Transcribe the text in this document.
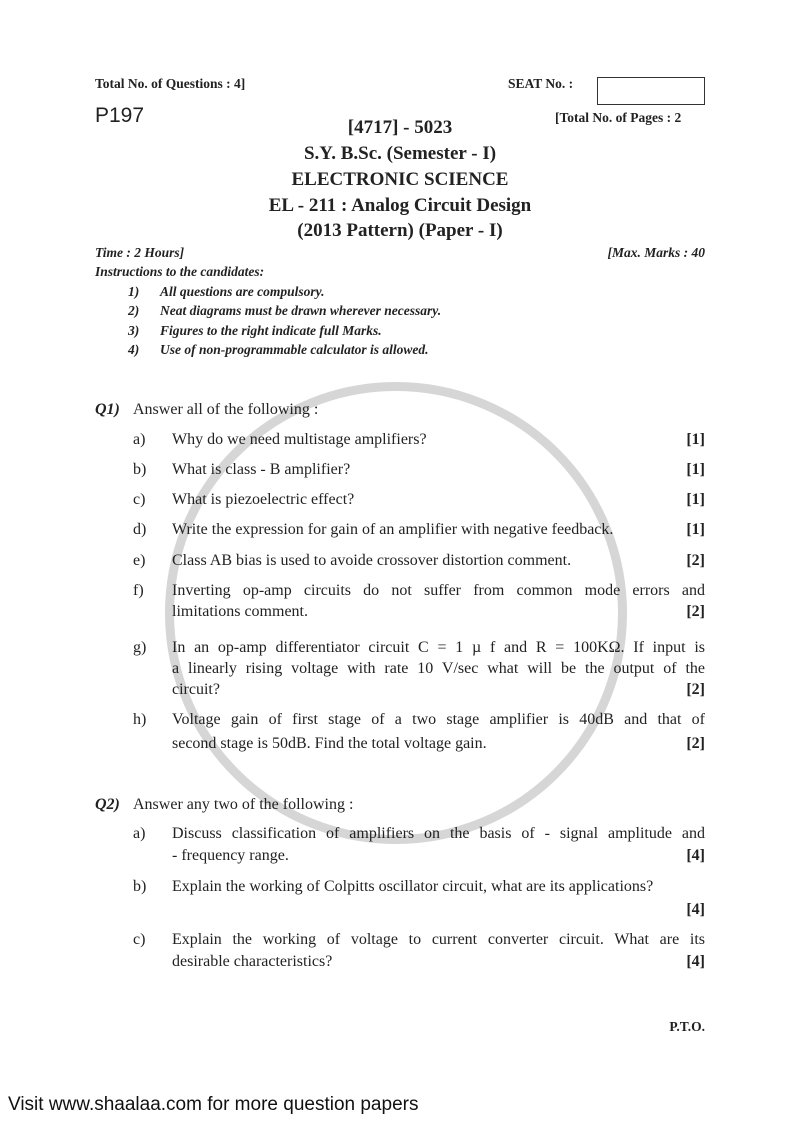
Total No. of Questions : 4]	SEAT No. :
P197	[Total No. of Pages : 2
[4717] - 5023
S.Y. B.Sc. (Semester - I)
ELECTRONIC SCIENCE
EL - 211 : Analog Circuit Design
(2013 Pattern) (Paper - I)
Time : 2 Hours]	[Max. Marks : 40
Instructions to the candidates:
P.T.O.
Visit www.shaalaa.com for more question papers
1) All questions are compulsory.
2) Neat diagrams must be drawn wherever necessary.
3) Figures to the right indicate full Marks.
4) Use of non-programmable calculator is allowed.
Q1) Answer all of the following :
a) Why do we need multistage amplifiers?	[1]
b) What is class - B amplifier?	[1]
c) What is piezoelectric effect?	[1]
d) Write the expression for gain of an amplifier with negative feedback.	[1]
e) Class AB bias is used to avoide crossover distortion comment.	[2]
f) Inverting op-amp circuits do not suffer from common mode errors and
limitations comment.	[2]
g) In an op-amp differentiator circuit C = 1 µ f and R = 100KΩ. If input is
a linearly rising voltage with rate 10 V/sec what will be the output of the
circuit?	[2]
h) Voltage gain of first stage of a two stage amplifier is 40dB and that of
second stage is 50dB. Find the total voltage gain.	[2]
Q2) Answer any two of the following :
a) Discuss classification of amplifiers on the basis of - signal amplitude and
- frequency range.	[4]
b) Explain the working of Colpitts oscillator circuit, what are its applications?
[4]
c) Explain the working of voltage to current converter circuit. What are its
desirable characteristics?	[4]
